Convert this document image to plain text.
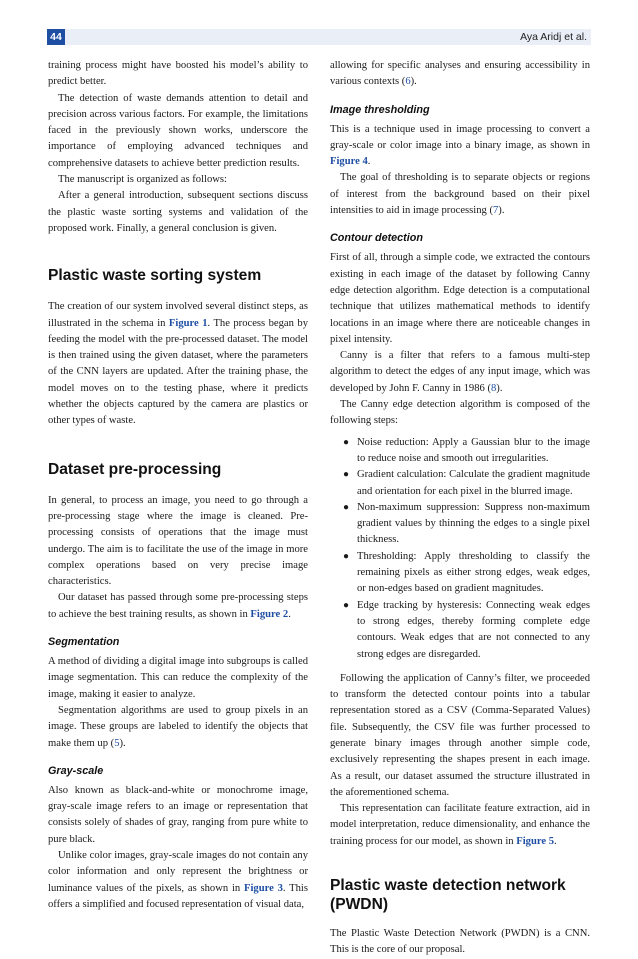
44	Aya Aridj et al.

training process might have boosted his model’s ability to predict better.

The detection of waste demands attention to detail and precision across various factors. For example, the limitations faced in the previously shown works, underscore the importance of employing advanced techniques and comprehensive datasets to achieve better prediction results.

The manuscript is organized as follows:

After a general introduction, subsequent sections discuss the plastic waste sorting systems and validation of the proposed work. Finally, a general conclusion is given.

Plastic waste sorting system

The creation of our system involved several distinct steps, as illustrated in the schema in Figure 1. The process began by feeding the model with the pre-processed dataset. The model is then trained using the given dataset, where the parameters of the CNN layers are updated. After the training phase, the model moves on to the testing phase, where it predicts whether the objects captured by the camera are plastics or other types of waste.

Dataset pre-processing

In general, to process an image, you need to go through a pre-processing stage where the image is cleaned. Pre-processing consists of operations that the image must undergo. The aim is to facilitate the use of the image in more complex operations based on very precise image characteristics.

Our dataset has passed through some pre-processing steps to achieve the best training results, as shown in Figure 2.

Segmentation

A method of dividing a digital image into subgroups is called image segmentation. This can reduce the complexity of the image, making it easier to analyze.

Segmentation algorithms are used to group pixels in an image. These groups are labeled to identify the objects that make them up (5).

Gray-scale

Also known as black-and-white or monochrome image, gray-scale image refers to an image or representation that consists solely of shades of gray, ranging from pure white to pure black.

Unlike color images, gray-scale images do not contain any color information and only represent the brightness or luminance values of the pixels, as shown in Figure 3. This offers a simplified and focused representation of visual data,

allowing for specific analyses and ensuring accessibility in various contexts (6).

Image thresholding

This is a technique used in image processing to convert a gray-scale or color image into a binary image, as shown in Figure 4.

The goal of thresholding is to separate objects or regions of interest from the background based on their pixel intensities to aid in image processing (7).

Contour detection

First of all, through a simple code, we extracted the contours existing in each image of the dataset by following Canny edge detection algorithm. Edge detection is a computational technique that utilizes mathematical methods to identify locations in an image where there are noticeable changes in pixel intensity.

Canny is a filter that refers to a famous multi-step algorithm to detect the edges of any input image, which was developed by John F. Canny in 1986 (8).

The Canny edge detection algorithm is composed of the following steps:

● Noise reduction: Apply a Gaussian blur to the image to reduce noise and smooth out irregularities.
● Gradient calculation: Calculate the gradient magnitude and orientation for each pixel in the blurred image.
● Non-maximum suppression: Suppress non-maximum gradient values by thinning the edges to a single pixel thickness.
● Thresholding: Apply thresholding to classify the remaining pixels as either strong edges, weak edges, or non-edges based on gradient magnitudes.
● Edge tracking by hysteresis: Connecting weak edges to strong edges, thereby forming complete edge contours. Weak edges that are not connected to any strong edges are disregarded.

Following the application of Canny’s filter, we proceeded to transform the detected contour points into a tabular representation stored as a CSV (Comma-Separated Values) file. Subsequently, the CSV file was further processed to generate binary images through another simple code, exclusively representing the shapes present in each image. As a result, our dataset assumed the structure illustrated in the aforementioned schema.

This representation can facilitate feature extraction, aid in model interpretation, reduce dimensionality, and enhance the training process for our model, as shown in Figure 5.

Plastic waste detection network (PWDN)

The Plastic Waste Detection Network (PWDN) is a CNN. This is the core of our proposal.
